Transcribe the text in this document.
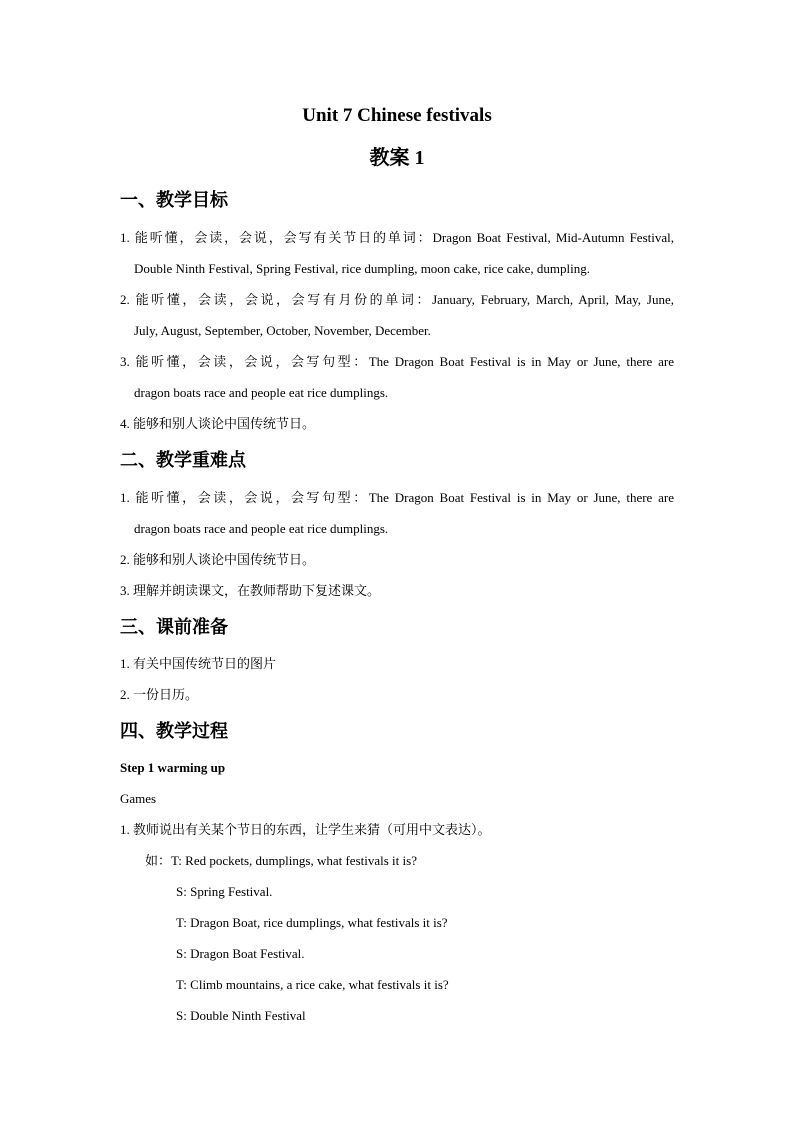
Unit 7 Chinese festivals
教案 1
一、教学目标
1. 能听懂，会读，会说，会写有关节日的单词：Dragon Boat Festival, Mid-Autumn Festival,
Double Ninth Festival, Spring Festival, rice dumpling, moon cake, rice cake, dumpling.
2. 能听懂，会读，会说，会写有月份的单词：January, February, March, April, May, June,
July, August, September, October, November, December.
3. 能听懂，会读，会说，会写句型：The Dragon Boat Festival is in May or June, there are
dragon boats race and people eat rice dumplings.
4. 能够和别人谈论中国传统节日。
二、教学重难点
1. 能听懂，会读，会说，会写句型：The Dragon Boat Festival is in May or June, there are
dragon boats race and people eat rice dumplings.
2. 能够和别人谈论中国传统节日。
3. 理解并朗读课文，在教师帮助下复述课文。
三、课前准备
1. 有关中国传统节日的图片
2. 一份日历。
四、教学过程
Step 1 warming up
Games
1. 教师说出有关某个节日的东西，让学生来猜（可用中文表达）。
如：T: Red pockets, dumplings, what festivals it is?
S: Spring Festival.
T: Dragon Boat, rice dumplings, what festivals it is?
S: Dragon Boat Festival.
T: Climb mountains, a rice cake, what festivals it is?
S: Double Ninth Festival
